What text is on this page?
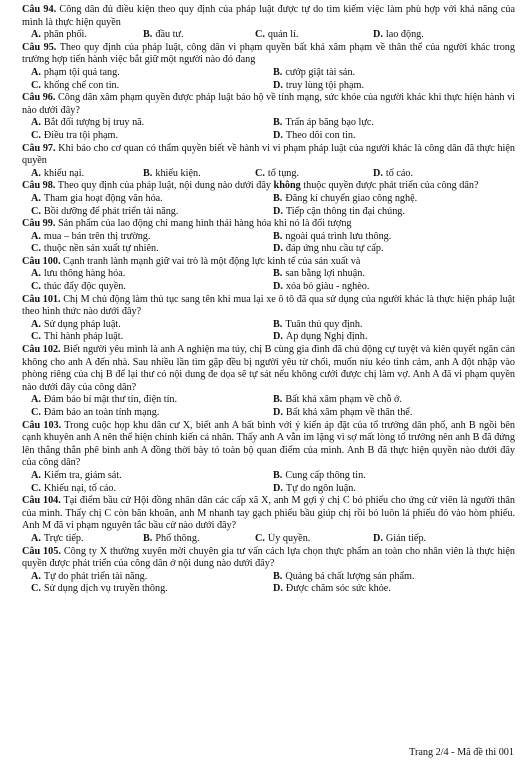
Câu 94. Công dân đủ điều kiện theo quy định của pháp luật được tự do tìm kiếm việc làm phù hợp với khả năng của mình là thực hiện quyền
A. phân phối.	B. đầu tư.	C. quản lí.	D. lao động.
Câu 95. Theo quy định của pháp luật, công dân vi phạm quyền bất khả xâm phạm về thân thể của người khác trong trường hợp tiến hành việc bắt giữ một người nào đó đang
A. phạm tội quả tang.	B. cướp giật tài sản.
C. khống chế con tin.	D. truy lùng tội phạm.
Câu 96. Công dân xâm phạm quyền được pháp luật bảo hộ về tính mạng, sức khỏe của người khác khi thực hiện hành vi nào dưới đây?
A. Bắt đối tượng bị truy nã.	B. Trấn áp băng bạo lực.
C. Điều tra tội phạm.	D. Theo dõi con tin.
Câu 97. Khi báo cho cơ quan có thẩm quyền biết về hành vi vi phạm pháp luật của người khác là công dân đã thực hiện quyền
A. khiếu nại.	B. khiếu kiện.	C. tố tụng.	D. tố cáo.
Câu 98. Theo quy định của pháp luật, nội dung nào dưới đây không thuộc quyền được phát triển của công dân?
A. Tham gia hoạt động văn hóa.	B. Đăng kí chuyển giao công nghệ.
C. Bồi dưỡng để phát triển tài năng.	D. Tiếp cận thông tin đại chúng.
Câu 99. Sản phẩm của lao động chỉ mang hình thái hàng hóa khi nó là đối tượng
A. mua – bán trên thị trường.	B. ngoài quá trình lưu thông.
C. thuộc nền sản xuất tự nhiên.	D. đáp ứng nhu cầu tự cấp.
Câu 100. Cạnh tranh lành mạnh giữ vai trò là một động lực kinh tế của sản xuất và
A. lưu thông hàng hóa.	B. san bằng lợi nhuận.
C. thúc đẩy độc quyền.	D. xóa bỏ giàu - nghèo.
Câu 101. Chị M chủ động làm thủ tục sang tên khi mua lại xe ô tô đã qua sử dụng của người khác là thực hiện pháp luật theo hình thức nào dưới đây?
A. Sử dụng pháp luật.	B. Tuân thủ quy định.
C. Thi hành pháp luật.	D. Áp dụng Nghị định.
Câu 102. Biết người yêu mình là anh A nghiện ma túy, chị B cùng gia đình đã chủ động cự tuyệt và kiên quyết ngăn cản không cho anh A đến nhà. Sau nhiều lần tìm gặp đều bị người yêu từ chối, muốn níu kéo tình cảm, anh A đột nhập vào phòng riêng của chị B để lại thư có nội dung đe dọa sẽ tự sát nếu không cưới được chị làm vợ. Anh A đã vi phạm quyền nào dưới đây của công dân?
A. Đảm bảo bí mật thư tín, điện tín.	B. Bất khả xâm phạm về chỗ ở.
C. Đảm bảo an toàn tính mạng.	D. Bất khả xâm phạm về thân thể.
Câu 103. Trong cuộc họp khu dân cư X, biết anh A bất bình với ý kiến áp đặt của tổ trưởng dân phố, anh B ngồi bên cạnh khuyên anh A nên thể hiện chính kiến cá nhân. Thấy anh A vẫn im lặng vì sợ mất lòng tổ trưởng nên anh B đã đứng lên thẳng thắn phê bình anh A đồng thời bày tỏ toàn bộ quan điểm của mình. Anh B đã thực hiện quyền nào dưới đây của công dân?
A. Kiểm tra, giám sát.	B. Cung cấp thông tin.
C. Khiếu nại, tố cáo.	D. Tự do ngôn luận.
Câu 104. Tại điểm bầu cử Hội đồng nhân dân các cấp xã X, anh M gợi ý chị C bỏ phiếu cho ứng cử viên là người thân của mình. Thấy chị C còn băn khoăn, anh M nhanh tay gạch phiếu bầu giúp chị rồi bỏ luôn lá phiếu đó vào hòm phiếu. Anh M đã vi phạm nguyên tắc bầu cử nào dưới đây?
A. Trực tiếp.	B. Phổ thông.	C. Ủy quyền.	D. Gián tiếp.
Câu 105. Công ty X thường xuyên mời chuyên gia tư vấn cách lựa chọn thực phẩm an toàn cho nhân viên là thực hiện quyền được phát triển của công dân ở nội dung nào dưới đây?
A. Tự do phát triển tài năng.	B. Quảng bá chất lượng sản phẩm.
C. Sử dụng dịch vụ truyền thông.	D. Được chăm sóc sức khỏe.
Trang 2/4 - Mã đề thi 001
